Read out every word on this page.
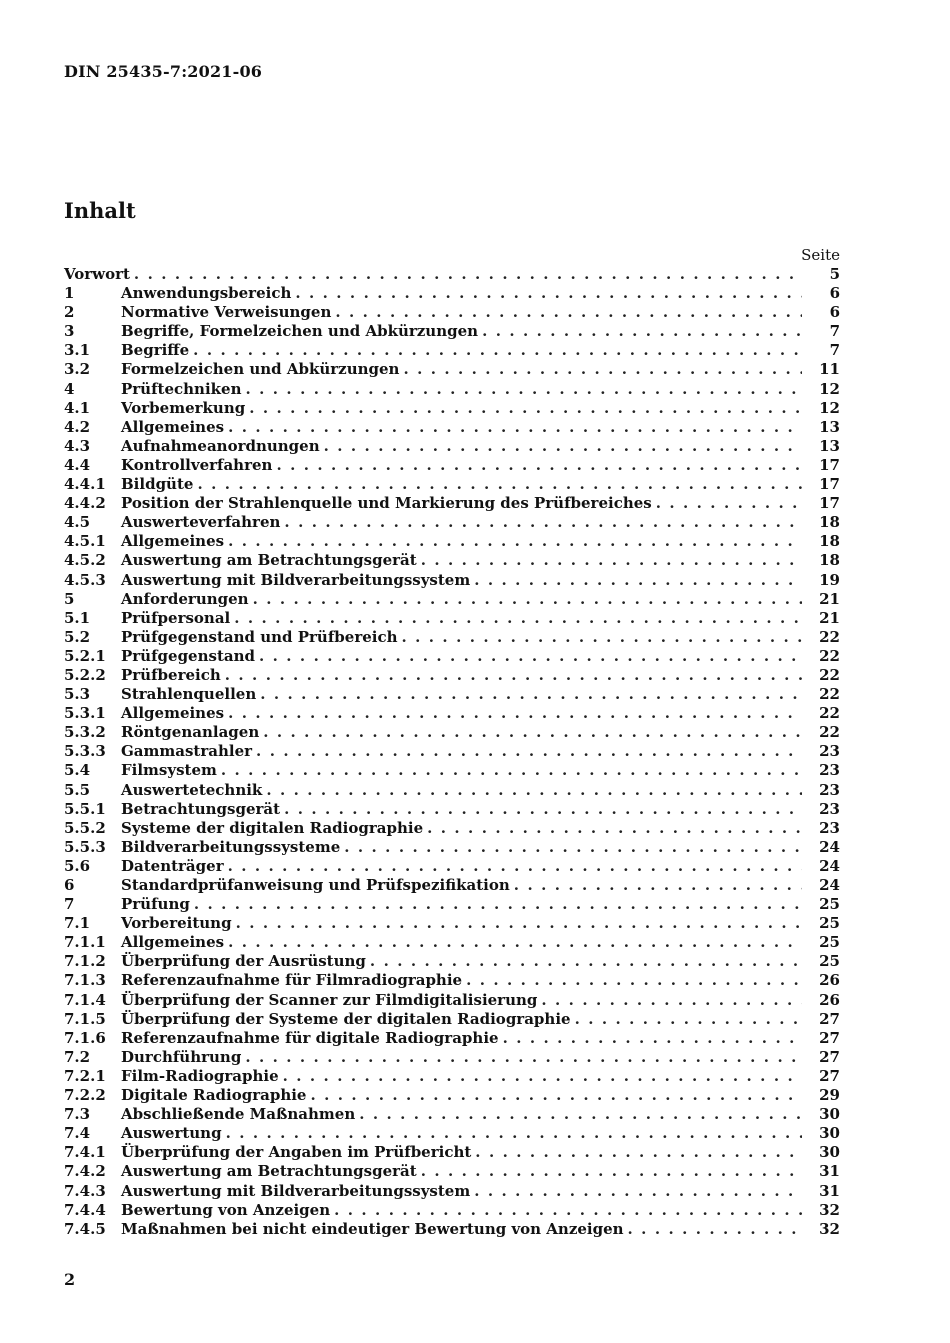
DIN 25435-7:2021-06
Inhalt
Seite
Vorwort . . .	5
1	Anwendungsbereich . . .	6
2	Normative Verweisungen . . .	6
3	Begriffe, Formelzeichen und Abkürzungen . . .	7
3.1	Begriffe . . .	7
3.2	Formelzeichen und Abkürzungen . . .	11
4	Prüftechniken . . .	12
4.1	Vorbemerkung . . .	12
4.2	Allgemeines . . .	13
4.3	Aufnahmeanordnungen . . .	13
4.4	Kontrollverfahren . . .	17
4.4.1	Bildgüte . . .	17
4.4.2	Position der Strahlenquelle und Markierung des Prüfbereiches . . .	17
4.5	Auswerteverfahren . . .	18
4.5.1	Allgemeines . . .	18
4.5.2	Auswertung am Betrachtungsgerät . . .	18
4.5.3	Auswertung mit Bildverarbeitungssystem . . .	19
5	Anforderungen . . .	21
5.1	Prüfpersonal . . .	21
5.2	Prüfgegenstand und Prüfbereich . . .	22
5.2.1	Prüfgegenstand . . .	22
5.2.2	Prüfbereich . . .	22
5.3	Strahlenquellen . . .	22
5.3.1	Allgemeines . . .	22
5.3.2	Röntgenanlagen . . .	22
5.3.3	Gammastrahler . . .	23
5.4	Filmsystem . . .	23
5.5	Auswertetechnik . . .	23
5.5.1	Betrachtungsgerät . . .	23
5.5.2	Systeme der digitalen Radiographie . . .	23
5.5.3	Bildverarbeitungssysteme . . .	24
5.6	Datenträger . . .	24
6	Standardprüfanweisung und Prüfspezifikation . . .	24
7	Prüfung . . .	25
7.1	Vorbereitung . . .	25
7.1.1	Allgemeines . . .	25
7.1.2	Überprüfung der Ausrüstung . . .	25
7.1.3	Referenzaufnahme für Filmradiographie . . .	26
7.1.4	Überprüfung der Scanner zur Filmdigitalisierung . . .	26
7.1.5	Überprüfung der Systeme der digitalen Radiographie . . .	27
7.1.6	Referenzaufnahme für digitale Radiographie . . .	27
7.2	Durchführung . . .	27
7.2.1	Film-Radiographie . . .	27
7.2.2	Digitale Radiographie . . .	29
7.3	Abschließende Maßnahmen . . .	30
7.4	Auswertung . . .	30
7.4.1	Überprüfung der Angaben im Prüfbericht . . .	30
7.4.2	Auswertung am Betrachtungsgerät . . .	31
7.4.3	Auswertung mit Bildverarbeitungssystem . . .	31
7.4.4	Bewertung von Anzeigen . . .	32
7.4.5	Maßnahmen bei nicht eindeutiger Bewertung von Anzeigen . . .	32
2
